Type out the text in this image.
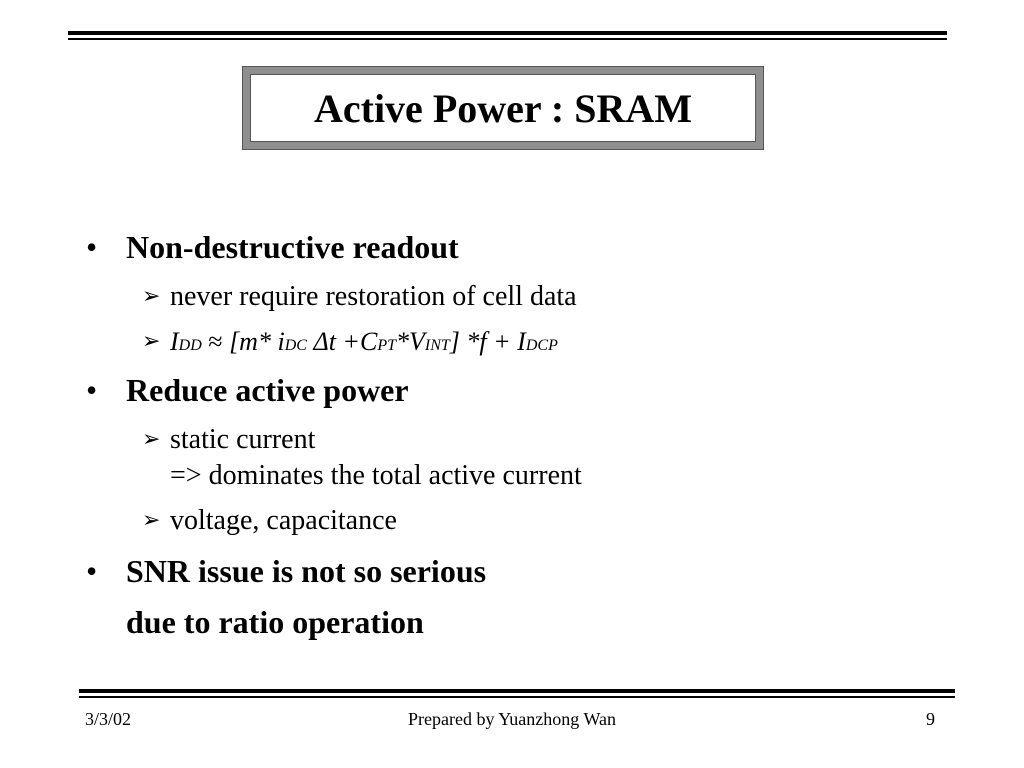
Active Power : SRAM
• Non-destructive readout
➢ never require restoration of cell data
➢ IDD ≈ [m* iDC Δt +CPT*VINT] *f + IDCP
• Reduce active power
➢ static current
=> dominates the total active current
➢ voltage, capacitance
• SNR issue is not so serious
due to ratio operation
3/3/02	Prepared by Yuanzhong Wan	9
